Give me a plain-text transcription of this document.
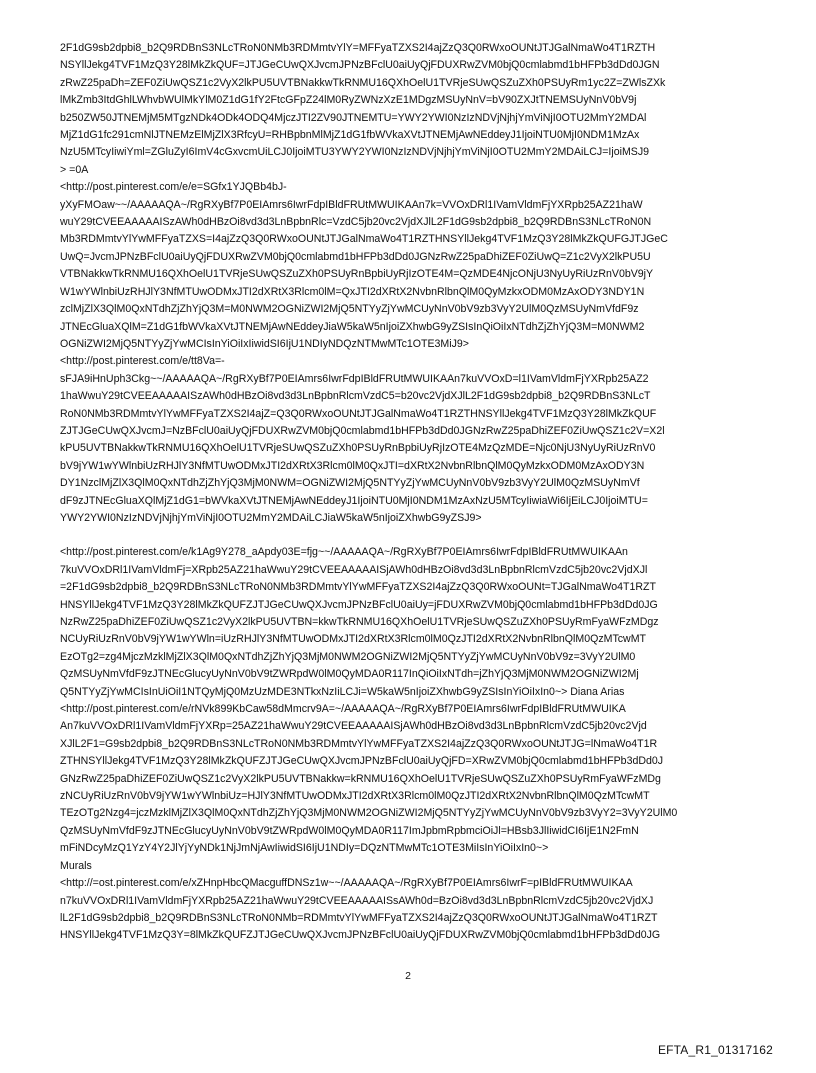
2F1dG9sb2dpbi8_b2Q9RDBnS3NLcTRoN0NMb3RDMmtvYlY=MFFyaTZXS2I4ajZzQ3Q0RWxoOUNtJTJGalNmaWo4T1RZTH
NSYllJekg4TVF1MzQ3Y28lMkZkQUF=JTJGeCUwQXJvcmJPNzBFclU0aiUyQjFDUXRwZVM0bjQ0cmlabmd1bHFPb3dDd0JGN
zRwZ25paDh=ZEF0ZiUwQSZ1c2VyX2lkPU5UVTBNakkwTkRNMU16QXhOelU1TVRjeSUwQSZuZXh0PSUyRm1yc2Z=ZWlsZXk
lMkZmb3ItdGhlLWhvbWUlMkYlM0Z1dG1fY2FtcGFpZ24lM0RyZWNzXzE1MDgzMSUyNnV=bV90ZXJtTNEMSUyNnV0bV9j
b250ZW50JTNEMjM5MTgzNDk4ODk4ODQ4MjczJTI2ZV90JTNEMTU=YWY2YWI0NzIzNDVjNjhjYmViNjI0OTU2MmY2MDAl
MjZ1dG1fc291cmNlJTNEMzElMjZlX3RfcyU=RHBpbnMlMjZ1dG1fbWVkaXVtJTNEMjAwNEddeyJ1IjoiNTU0MjI0NDM1MzAx
NzU5MTcyIiwiYml=ZGluZyI6ImV4cGxvcmUiLCJ0IjoiMTU3YWY2YWI0NzIzNDVjNjhjYmViNjI0OTU2MmY2MDAiLCJ=IjoiMSJ9
> =0A
<http://post.pinterest.com/e/e=SGfx1YJQBb4bJ-
yXyFMOaw~~/AAAAAQA~/RgRXyBf7P0EIAmrs6IwrFdpIBldFRUtMWUIKAAn7k=VVOxDRl1IVamVldmFjYXRpb25AZ21haW
wuY29tCVEEAAAAAISzAWh0dHBzOi8vd3d3LnBpbnRlc=VzdC5jb20vc2VjdXJlL2F1dG9sb2dpbi8_b2Q9RDBnS3NLcTRoN0N
Mb3RDMmtvYlYwMFFyaTZXS=I4ajZzQ3Q0RWxoOUNtJTJGalNmaWo4T1RZTHNSYllJekg4TVF1MzQ3Y28lMkZkQUFGJTJGeC
UwQ=JvcmJPNzBFclU0aiUyQjFDUXRwZVM0bjQ0cmlabmd1bHFPb3dDd0JGNzRwZ25paDhiZEF0ZiUwQ=Z1c2VyX2lkPU5U
VTBNakkwTkRNMU16QXhOelU1TVRjeSUwQSZuZXh0PSUyRnBpbiUyRjIzOTE4M=QzMDE4NjcONjU3NyUyRiUzRnV0bV9jY
W1wYWlnbiUzRHJlY3NfMTUwODMxJTI2dXRtX3Rlcm0lM=QxJTI2dXRtX2NvbnRlbnQlM0QyMzkxODM0MzAxODY3NDY1N
zclMjZlX3QlM0QxNTdhZjZhYjQ3M=M0NWM2OGNiZWI2MjQ5NTYyZjYwMCUyNnV0bV9zb3VyY2UlM0QzMSUyNmVfdF9z
JTNEcGluaXQlM=Z1dG1fbWVkaXVtJTNEMjAwNEddeyJiaW5kaW5nIjoiZXhwbG9yZSIsInQiOiIxNTdhZjZhYjQ3M=M0NWM2
OGNiZWI2MjQ5NTYyZjYwMCIsInYiOiIxIiwidSI6IjU1NDIyNDQzNTMwMTc1OTE3MiJ9>
<http://post.pinterest.com/e/tt8Va=-
sFJA9iHnUph3Ckg~~/AAAAAQA~/RgRXyBf7P0EIAmrs6IwrFdpIBldFRUtMWUIKAAn7kuVVOxD=l1IVamVldmFjYXRpb25AZ2
1haWwuY29tCVEEAAAAAISzAWh0dHBzOi8vd3d3LnBpbnRlcmVzdC5=b20vc2VjdXJlL2F1dG9sb2dpbi8_b2Q9RDBnS3NLcT
RoN0NMb3RDMmtvYlYwMFFyaTZXS2I4ajZ=Q3Q0RWxoOUNtJTJGalNmaWo4T1RZTHNSYllJekg4TVF1MzQ3Y28lMkZkQUF
ZJTJGeCUwQXJvcmJ=NzBFclU0aiUyQjFDUXRwZVM0bjQ0cmlabmd1bHFPb3dDd0JGNzRwZ25paDhiZEF0ZiUwQSZ1c2V=X2l
kPU5UVTBNakkwTkRNMU16QXhOelU1TVRjeSUwQSZuZXh0PSUyRnBpbiUyRjIzOTE4MzQzMDE=Njc0NjU3NyUyRiUzRnV0
bV9jYW1wYWlnbiUzRHJlY3NfMTUwODMxJTI2dXRtX3Rlcm0lM0QxJTI=dXRtX2NvbnRlbnQlM0QyMzkxODM0MzAxODY3N
DY1NzclMjZlX3QlM0QxNTdhZjZhYjQ3MjM0NWM=OGNiZWI2MjQ5NTYyZjYwMCUyNnV0bV9zb3VyY2UlM0QzMSUyNmVf
dF9zJTNEcGluaXQlMjZ1dG1=bWVkaXVtJTNEMjAwNEddeyJ1IjoiNTU0MjI0NDM1MzAxNzU5MTcyIiwiaWi6IjEiLCJ0IjoiMTU=
YWY2YWI0NzIzNDVjNjhjYmViNjI0OTU2MmY2MDAiLCJiaW5kaW5nIjoiZXhwbG9yZSJ9>
<http://post.pinterest.com/e/k1Ag9Y278_aApdy03E=fjg~~/AAAAAQA~/RgRXyBf7P0EIAmrs6IwrFdpIBldFRUtMWUIKAAn
7kuVVOxDRl1IVamVldmFj=XRpb25AZ21haWwuY29tCVEEAAAAAISjAWh0dHBzOi8vd3d3LnBpbnRlcmVzdC5jb20vc2VjdXJl
=2F1dG9sb2dpbi8_b2Q9RDBnS3NLcTRoN0NMb3RDMmtvYlYwMFFyaTZXS2I4ajZzQ3Q0RWxoOUNt=TJGalNmaWo4T1RZT
HNSYllJekg4TVF1MzQ3Y28lMkZkQUFZJTJGeCUwQXJvcmJPNzBFclU0aiUy=jFDUXRwZVM0bjQ0cmlabmd1bHFPb3dDd0JG
NzRwZ25paDhiZEF0ZiUwQSZ1c2VyX2lkPU5UVTBN=kkwTkRNMU16QXhOelU1TVRjeSUwQSZuZXh0PSUyRmFyaWFzMDgz
NCUyRiUzRnV0bV9jYW1wYWln=iUzRHJlY3NfMTUwODMxJTI2dXRtX3Rlcm0lM0QzJTI2dXRtX2NvbnRlbnQlM0QzMTcwMT
EzOTg2=zg4MjczMzklMjZlX3QlM0QxNTdhZjZhYjQ3MjM0NWM2OGNiZWI2MjQ5NTYyZjYwMCUyNnV0bV9z=3VyY2UlM0
QzMSUyNmVfdF9zJTNEcGlucyUyNnV0bV9tZWRpdW0lM0QyMDA0R117InQiOiIxNTdh=jZhYjQ3MjM0NWM2OGNiZWI2Mj
Q5NTYyZjYwMCIsInUiOiI1NTQyMjQ0MzUzMDE3NTkxNzIiLCJi=W5kaW5nIjoiZXhwbG9yZSIsInYiOiIxIn0~> Diana Arias
<http://post.pinterest.com/e/rNVk899KbCaw58dMmcrv9A=~/AAAAAQA~/RgRXyBf7P0EIAmrs6IwrFdpIBldFRUtMWUIKA
An7kuVVOxDRl1IVamVldmFjYXRp=25AZ21haWwuY29tCVEEAAAAAISjAWh0dHBzOi8vd3d3LnBpbnRlcmVzdC5jb20vc2Vjd
XJlL2F1=G9sb2dpbi8_b2Q9RDBnS3NLcTRoN0NMb3RDMmtvYlYwMFFyaTZXS2I4ajZzQ3Q0RWxoOUNtJTJG=lNmaWo4T1R
ZTHNSYllJekg4TVF1MzQ3Y28lMkZkQUFZJTJGeCUwQXJvcmJPNzBFclU0aiUyQjFD=XRwZVM0bjQ0cmlabmd1bHFPb3dDd0J
GNzRwZ25paDhiZEF0ZiUwQSZ1c2VyX2lkPU5UVTBNakkw=kRNMU16QXhOelU1TVRjeSUwQSZuZXh0PSUyRmFyaWFzMDg
zNCUyRiUzRnV0bV9jYW1wYWlnbiUz=HJlY3NfMTUwODMxJTI2dXRtX3Rlcm0lM0QzJTI2dXRtX2NvbnRlbnQlM0QzMTcwMT
TEzOTg2Nzg4=jczMzklMjZlX3QlM0QxNTdhZjZhYjQ3MjM0NWM2OGNiZWI2MjQ5NTYyZjYwMCUyNnV0bV9zb3VyY2=3VyY2UlM0
QzMSUyNmVfdF9zJTNEcGlucyUyNnV0bV9tZWRpdW0lM0QyMDA0R117ImJpbmRpbmciOiJl=HBsb3JlIiwidCI6IjE1N2FmN
mFiNDcyMzQ1YzY4Y2JlYjYyNDk1NjJmNjAwIiwidSI6IjU1NDIy=DQzNTMwMTc1OTE3MiIsInYiOiIxIn0~>
Murals
<http://=ost.pinterest.com/e/xZHnpHbcQMacguffDNSz1w~~/AAAAAQA~/RgRXyBf7P0EIAmrs6IwrF=pIBldFRUtMWUIKAA
n7kuVVOxDRl1IVamVldmFjYXRpb25AZ21haWwuY29tCVEEAAAAAISsAWh0d=BzOi8vd3d3LnBpbnRlcmVzdC5jb20vc2VjdXJ
lL2F1dG9sb2dpbi8_b2Q9RDBnS3NLcTRoN0NMb=RDMmtvYlYwMFFyaTZXS2I4ajZzQ3Q0RWxoOUNtJTJGalNmaWo4T1RZT
HNSYllJekg4TVF1MzQ3Y=8lMkZkQUFZJTJGeCUwQXJvcmJPNzBFclU0aiUyQjFDUXRwZVM0bjQ0cmlabmd1bHFPb3dDd0JG
2
EFTA_R1_01317162
